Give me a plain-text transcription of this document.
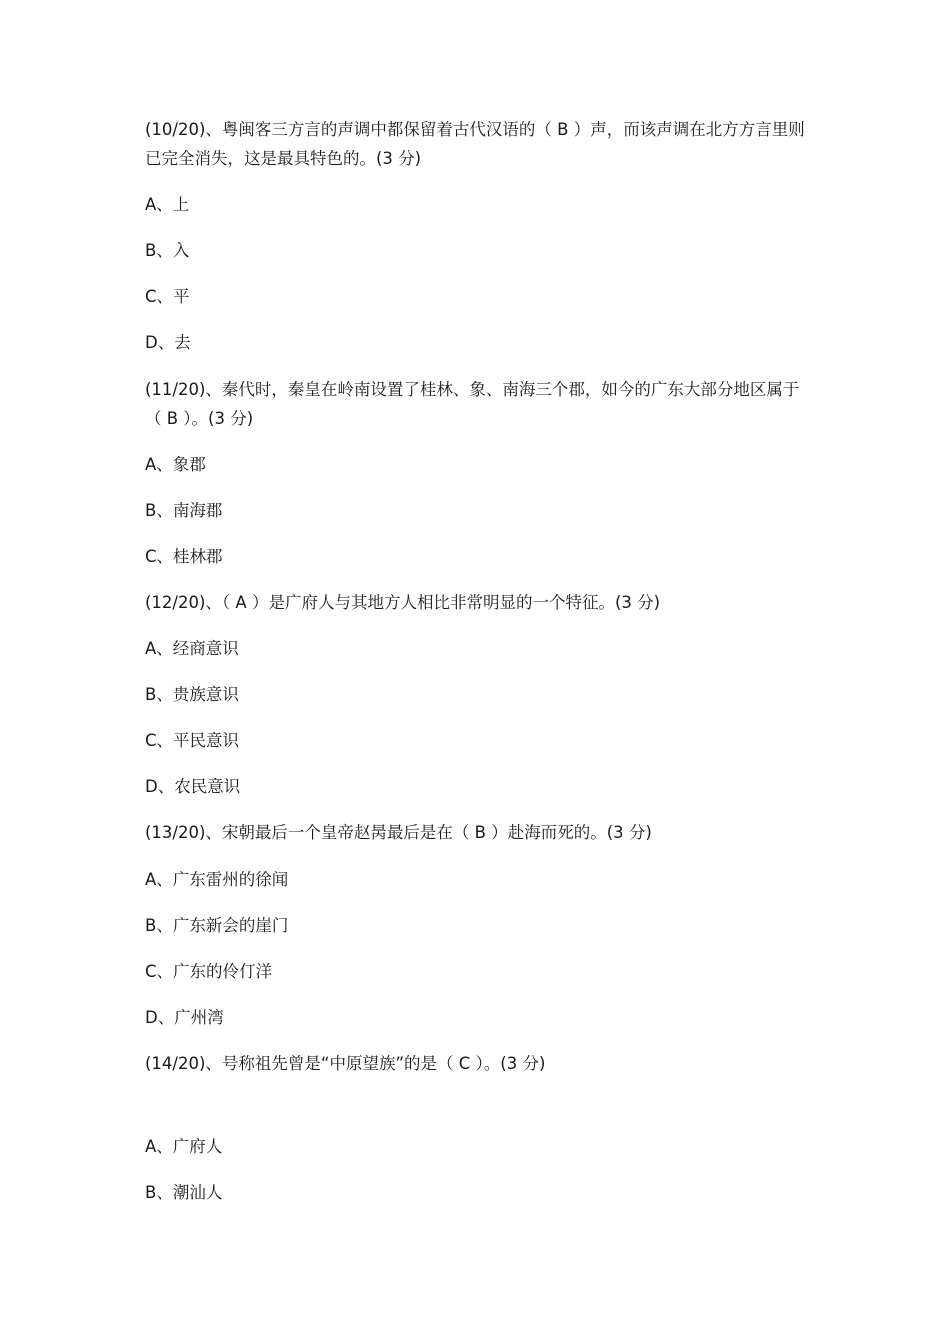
(10/20)、粤闽客三方言的声调中都保留着古代汉语的（ B ）声，而该声调在北方方言里则已完全消失，这是最具特色的。(3 分)
A、上
B、入
C、平
D、去
(11/20)、秦代时，秦皇在岭南设置了桂林、象、南海三个郡，如今的广东大部分地区属于（ B ）。(3 分)
A、象郡
B、南海郡
C、桂林郡
(12/20)、（ A ）是广府人与其地方人相比非常明显的一个特征。(3 分)
A、经商意识
B、贵族意识
C、平民意识
D、农民意识
(13/20)、宋朝最后一个皇帝赵昺最后是在（ B ）赴海而死的。(3 分)
A、广东雷州的徐闻
B、广东新会的崖门
C、广东的伶仃洋
D、广州湾
(14/20)、号称祖先曾是“中原望族”的是（ C ）。(3 分)
A、广府人
B、潮汕人
